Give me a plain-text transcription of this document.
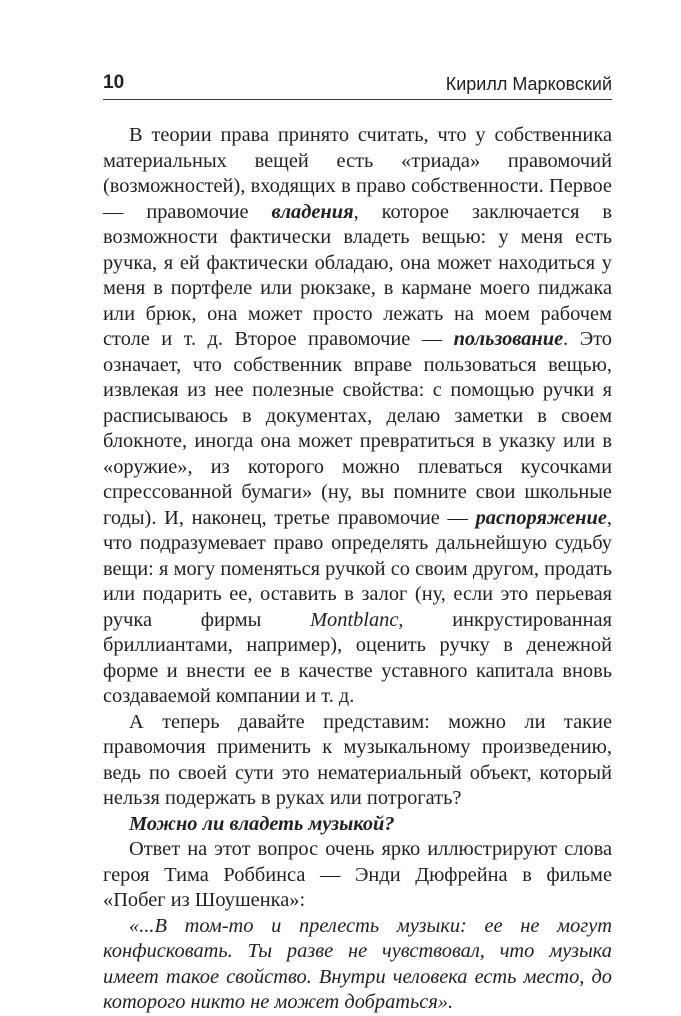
10	Кирилл Марковский

В теории права принято считать, что у собственника материальных вещей есть «триада» правомочий (возможностей), входящих в право собственности. Первое — правомочие владения, которое заключается в возможности фактически владеть вещью: у меня есть ручка, я ей фактически обладаю, она может находиться у меня в портфеле или рюкзаке, в кармане моего пиджака или брюк, она может просто лежать на моем рабочем столе и т. д. Второе правомочие — пользование. Это означает, что собственник вправе пользоваться вещью, извлекая из нее полезные свойства: с помощью ручки я расписываюсь в документах, делаю заметки в своем блокноте, иногда она может превратиться в указку или в «оружие», из которого можно плеваться кусочками спрессованной бумаги» (ну, вы помните свои школьные годы). И, наконец, третье правомочие — распоряжение, что подразумевает право определять дальнейшую судьбу вещи: я могу поменяться ручкой со своим другом, продать или подарить ее, оставить в залог (ну, если это перьевая ручка фирмы Montblanc, инкрустированная бриллиантами, например), оценить ручку в денежной форме и внести ее в качестве уставного капитала вновь создаваемой компании и т. д.

А теперь давайте представим: можно ли такие правомочия применить к музыкальному произведению, ведь по своей сути это нематериальный объект, который нельзя подержать в руках или потрогать?

Можно ли владеть музыкой?

Ответ на этот вопрос очень ярко иллюстрируют слова героя Тима Роббинса — Энди Дюфрейна в фильме «Побег из Шоушенка»:

«...В том-то и прелесть музыки: ее не могут конфисковать. Ты разве не чувствовал, что музыка имеет такое свойство. Внутри человека есть место, до которого никто не может добраться».
